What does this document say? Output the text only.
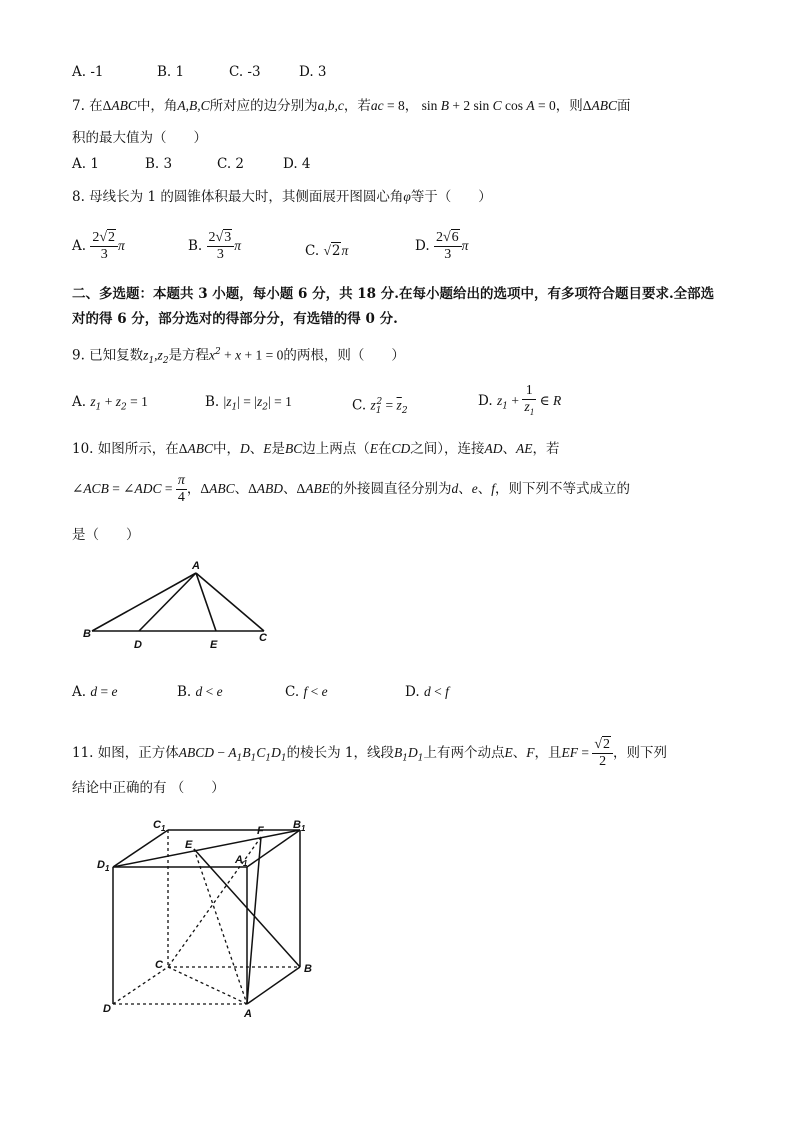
A. -1	B. 1	C. -3	D. 3
7. 在ΔABC中，角A,B,C所对应的边分别为a,b,c，若ac = 8， sin B + 2 sin C cos A = 0，则ΔABC面
积的最大值为（　　）
A. 1	B. 3	C. 2	D. 4
8. 母线长为 1 的圆锥体积最大时，其侧面展开图圆心角φ等于（　　）
A. $\frac{2√2}{3}$ π	B. $\frac{2√3}{3}$ π	C. √2π	D. $\frac{2√6}{3}$ π
二、多选题：本题共 3 小题，每小题 6 分，共 18 分.在每小题给出的选项中，有多项符合题目要求.全部选
对的得 6 分，部分选对的得部分分，有选错的得 0 分.
9. 已知复数$z_1,z_2$是方程$x^2 + x + 1 = 0$的两根，则（　　）
A. $z_1 + z_2 = 1$	B. $|z_1| = |z_2| = 1$	C. $z_1^2 = \overline{z}_2$
D. $z_1 + \frac{1}{z_1}$ ∈ R
10. 如图所示，在ΔABC中，D、E是BC边上两点（E在CD之间），连接AD、AE，若
∠ACB = ∠ADC = $\frac{\pi}{4}$ ，ΔABC、ΔABD、ΔABE的外接圆直径分别为d、e、f，则下列不等式成立的
是（　　）
A
B	C
D	E
A. d = e	B. d < e	C. f < e	D. d < f
11. 如图，正方体ABCD − $A_1B_1C_1D_1$的棱长为 1，线段$B_1D_1$上有两个动点E、F，且EF = $\frac{√2}{2}$ ，则下列
结论中正确的有 （　　）
$C_1$	F	$B_1$
$D_1$
E
$A_1$
C	B
D	A
